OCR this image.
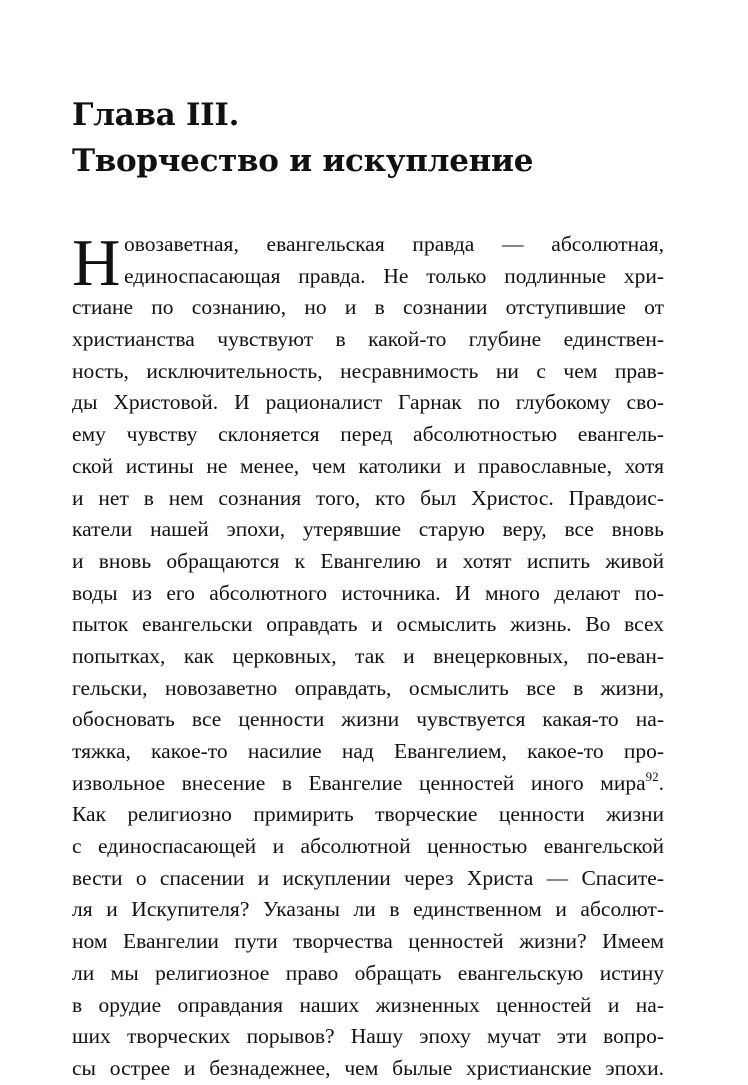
Глава III.
Творчество и искупление
Н овозаветная, евангельская правда — абсолютная,
единоспасающая правда. Не только подлинные хри-
стиане по сознанию, но и в сознании отступившие от
христианства чувствуют в какой-то глубине единствен-
ность, исключительность, несравнимость ни с чем прав-
ды Христовой. И рационалист Гарнак по глубокому сво-
ему чувству склоняется перед абсолютностью евангель-
ской истины не менее, чем католики и православные, хотя
и нет в нем сознания того, кто был Христос. Правдоис-
катели нашей эпохи, утерявшие старую веру, все вновь
и вновь обращаются к Евангелию и хотят испить живой
воды из его абсолютного источника. И много делают по-
пыток евангельски оправдать и осмыслить жизнь. Во всех
попытках, как церковных, так и внецерковных, по-еван-
гельски, новозаветно оправдать, осмыслить все в жизни,
обосновать все ценности жизни чувствуется какая-то на-
тяжка, какое-то насилие над Евангелием, какое-то про-
извольное внесение в Евангелие ценностей иного мира$^{92}$.
Как религиозно примирить творческие ценности жизни
с единоспасающей и абсолютной ценностью евангельской
вести о спасении и искуплении через Христа — Спасите-
ля и Искупителя? Указаны ли в единственном и абсолют-
ном Евангелии пути творчества ценностей жизни? Имеем
ли мы религиозное право обращать евангельскую истину
в орудие оправдания наших жизненных ценностей и на-
ших творческих порывов? Нашу эпоху мучат эти вопро-
сы острее и безнадежнее, чем былые христианские эпохи.
